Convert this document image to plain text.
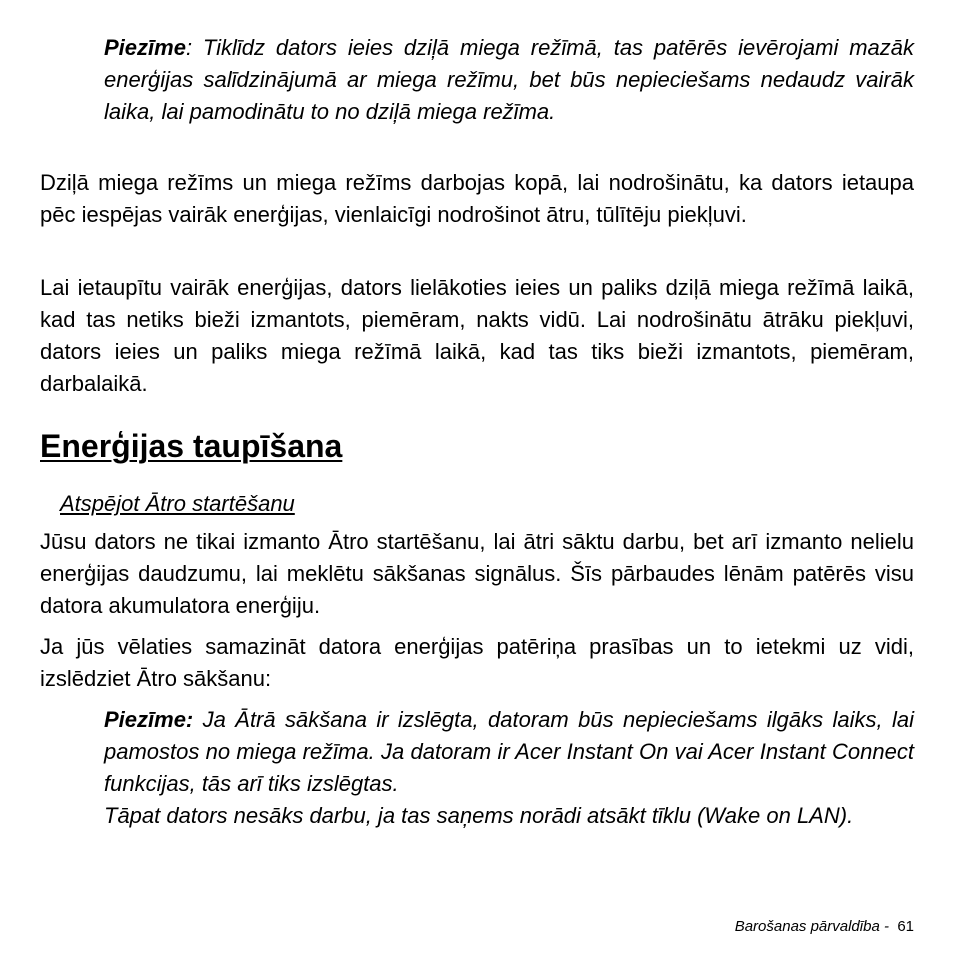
Piezīme: Tiklīdz dators ieies dziļā miega režīmā, tas patērēs ievērojami mazāk enerģijas salīdzinājumā ar miega režīmu, bet būs nepieciešams nedaudz vairāk laika, lai pamodinātu to no dziļā miega režīma.

Dziļā miega režīms un miega režīms darbojas kopā, lai nodrošinātu, ka dators ietaupa pēc iespējas vairāk enerģijas, vienlaicīgi nodrošinot ātru, tūlītēju piekļuvi.

Lai ietaupītu vairāk enerģijas, dators lielākoties ieies un paliks dziļā miega režīmā laikā, kad tas netiks bieži izmantots, piemēram, nakts vidū. Lai nodrošinātu ātrāku piekļuvi, dators ieies un paliks miega režīmā laikā, kad tas tiks bieži izmantots, piemēram, darbalaikā.

Enerģijas taupīšana

Atspējot Ātro startēšanu

Jūsu dators ne tikai izmanto Ātro startēšanu, lai ātri sāktu darbu, bet arī izmanto nelielu enerģijas daudzumu, lai meklētu sākšanas signālus. Šīs pārbaudes lēnām patērēs visu datora akumulatora enerģiju.

Ja jūs vēlaties samazināt datora enerģijas patēriņa prasības un to ietekmi uz vidi, izslēdziet Ātro sākšanu:

Piezīme: Ja Ātrā sākšana ir izslēgta, datoram būs nepieciešams ilgāks laiks, lai pamostos no miega režīma. Ja datoram ir Acer Instant On vai Acer Instant Connect funkcijas, tās arī tiks izslēgtas.

Tāpat dators nesāks darbu, ja tas saņems norādi atsākt tīklu (Wake on LAN).

Barošanas pārvaldība - 61
